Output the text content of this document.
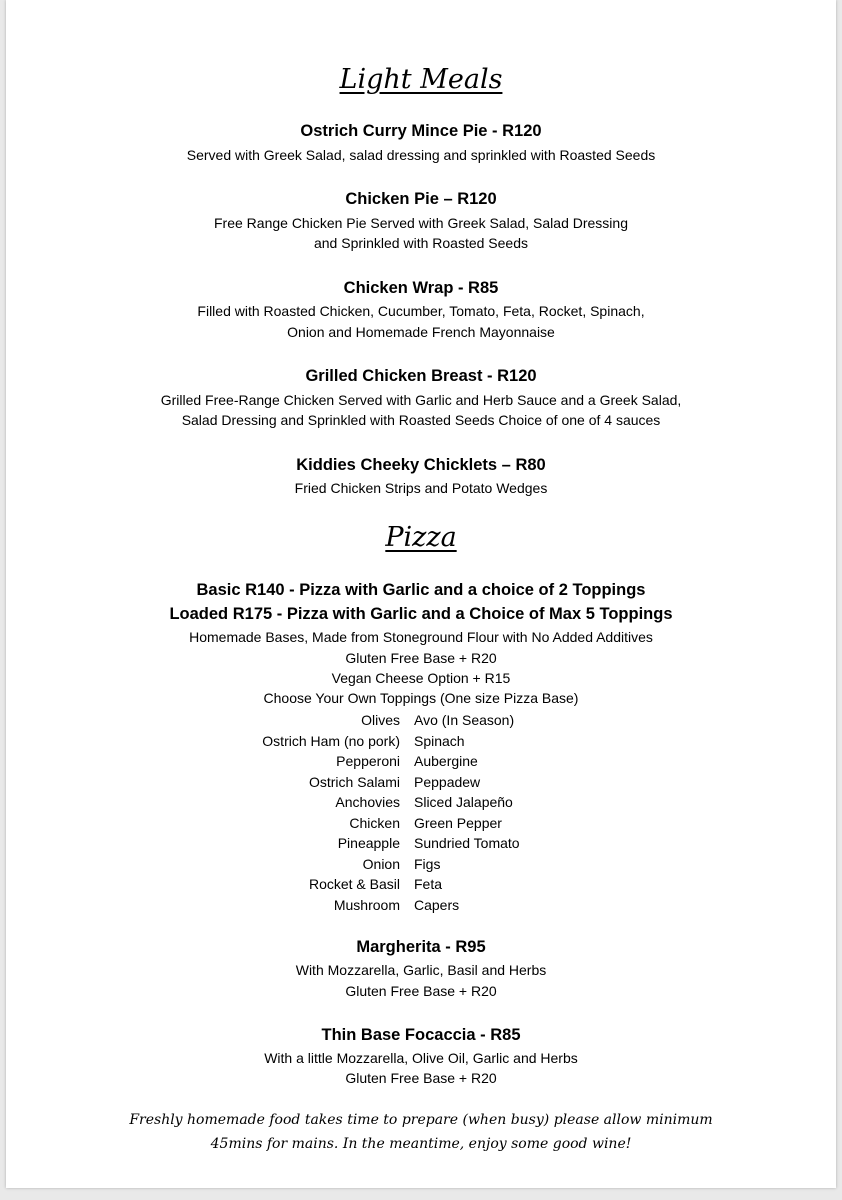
Light Meals
Ostrich Curry Mince Pie - R120
Served with Greek Salad, salad dressing and sprinkled with Roasted Seeds
Chicken Pie – R120
Free Range Chicken Pie Served with Greek Salad, Salad Dressing
and Sprinkled with Roasted Seeds
Chicken Wrap - R85
Filled with Roasted Chicken, Cucumber, Tomato, Feta, Rocket, Spinach,
Onion and Homemade French Mayonnaise
Grilled Chicken Breast - R120
Grilled Free-Range Chicken Served with Garlic and Herb Sauce and a Greek Salad,
Salad Dressing and Sprinkled with Roasted Seeds Choice of one of 4 sauces
Kiddies Cheeky Chicklets – R80
Fried Chicken Strips and Potato Wedges
Pizza
Basic R140 - Pizza with Garlic and a choice of 2 Toppings
Loaded R175 - Pizza with Garlic and a Choice of Max 5 Toppings
Homemade Bases, Made from Stoneground Flour with No Added Additives
Gluten Free Base + R20
Vegan Cheese Option + R15
Choose Your Own Toppings (One size Pizza Base)
Olives Avo (In Season)
Ostrich Ham (no pork) Spinach
Pepperoni Aubergine
Ostrich Salami Peppadew
Anchovies Sliced Jalapeño
Chicken Green Pepper
Pineapple Sundried Tomato
Onion Figs
Rocket & Basil Feta
Mushroom Capers
Margherita - R95
With Mozzarella, Garlic, Basil and Herbs
Gluten Free Base + R20
Thin Base Focaccia - R85
With a little Mozzarella, Olive Oil, Garlic and Herbs
Gluten Free Base + R20
Freshly homemade food takes time to prepare (when busy) please allow minimum
45mins for mains. In the meantime, enjoy some good wine!
